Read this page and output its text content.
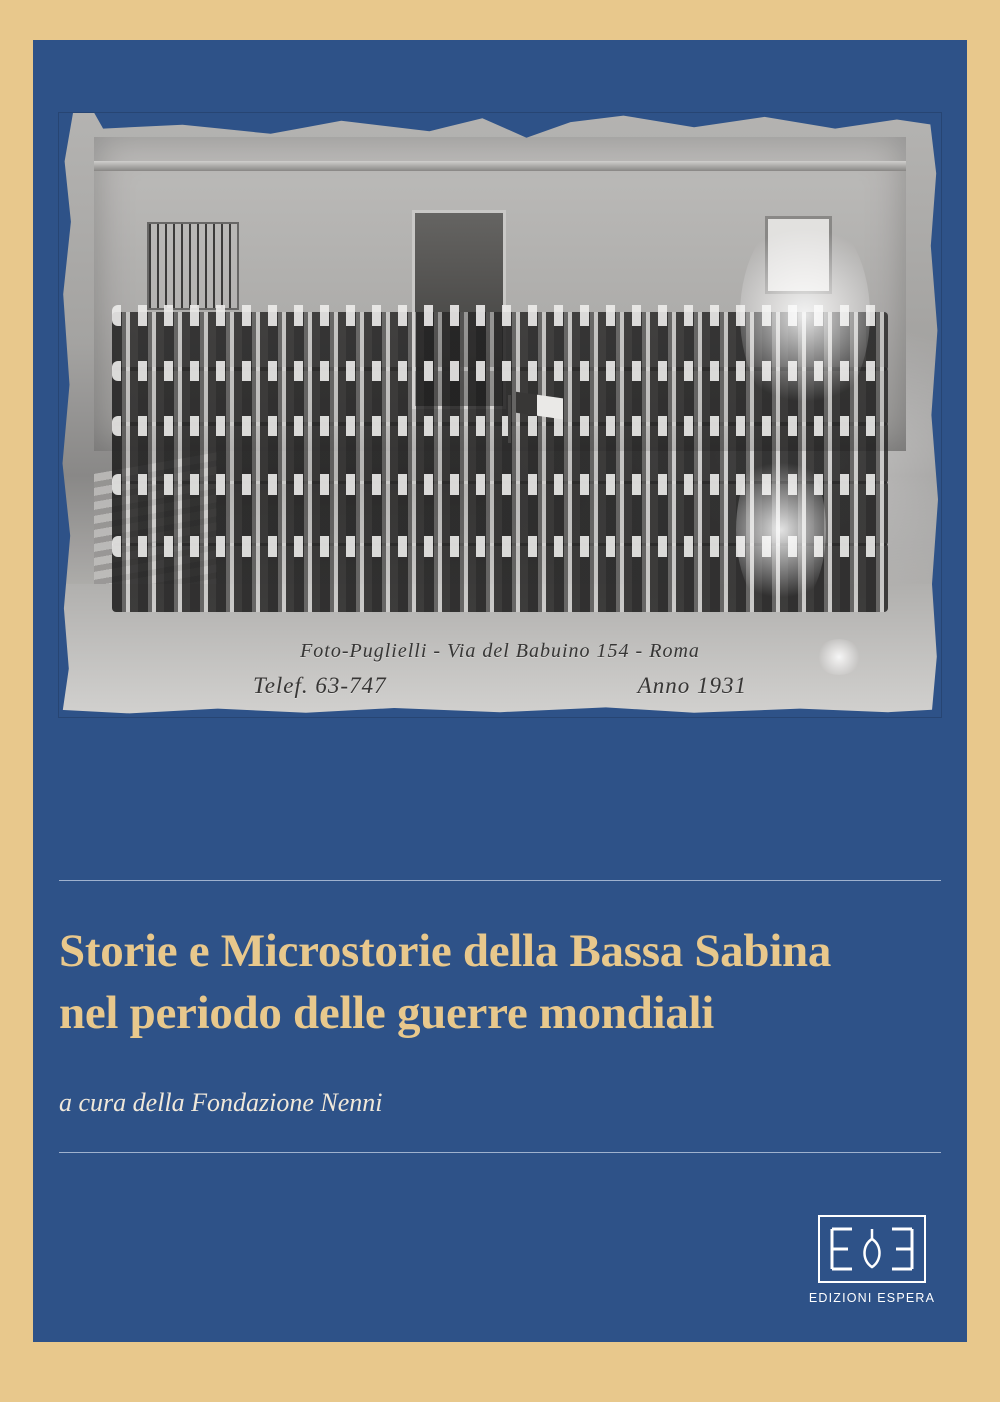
Foto-Puglielli - Via del Babuino 154 - Roma
Telef. 63-747	Anno 1931
Storie e Microstorie della Bassa Sabina
nel periodo delle guerre mondiali
a cura della Fondazione Nenni
EDIZIONI ESPERA
